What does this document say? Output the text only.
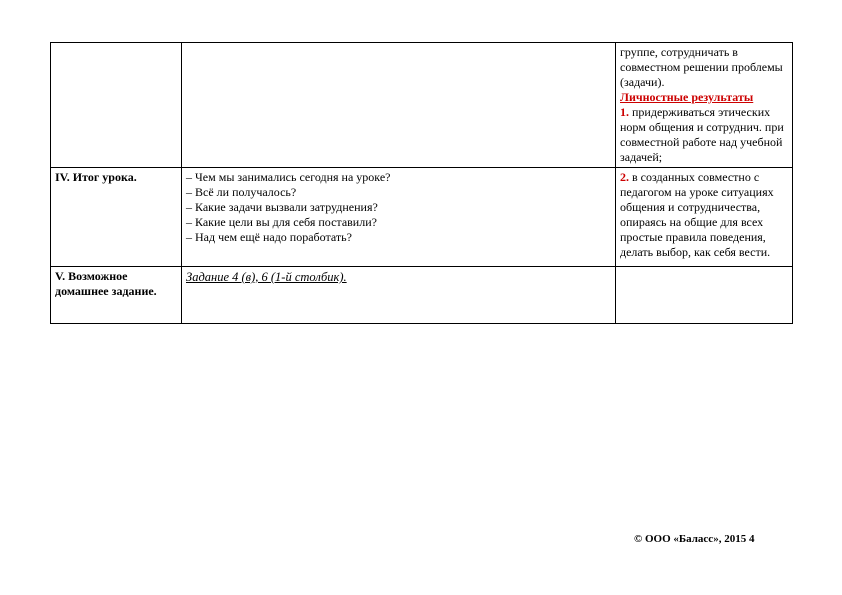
		группе, сотрудничать в совместном решении проблемы (задачи).
Личностные результаты
1. придерживаться этических норм общения и сотруднич. при совместной работе над учебной задачей;

IV. Итог урока.	– Чем мы занимались сегодня на уроке?
– Всё ли получалось?
– Какие задачи вызвали затруднения?
– Какие цели вы для себя поставили?
– Над чем ещё надо поработать?	2. в созданных совместно с педагогом на уроке ситуациях общения и сотрудничества, опираясь на общие для всех простые правила поведения, делать выбор, как себя вести.

V. Возможное домашнее задание.	Задание 4 (в), 6 (1-й столбик).	
© ООО «Баласс», 2015 4
